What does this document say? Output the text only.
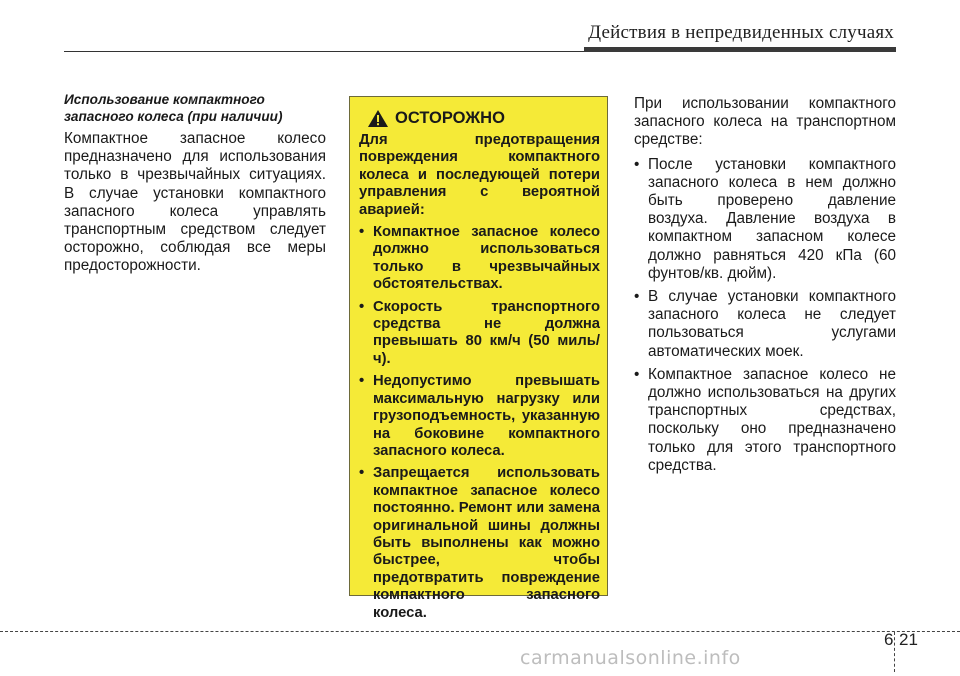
Действия в непредвиденных случаях

Использование компактного запасного колеса (при наличии)

Компактное запасное колесо предназначено для использования только в чрезвычайных ситуациях. В случае установки компактного запасного колеса управлять транспортным средством следует осторожно, соблюдая все меры предосторожности.

ОСТОРОЖНО

Для предотвращения повреждения компактного колеса и последующей потери управления с вероятной аварией:

• Компактное запасное колесо должно использоваться только в чрезвычайных обстоятельствах.
• Скорость транспортного средства не должна превышать 80 км/ч (50 миль/ч).
• Недопустимо превышать максимальную нагрузку или грузоподъемность, указанную на боковине компактного запасного колеса.
• Запрещается использовать компактное запасное колесо постоянно. Ремонт или замена оригинальной шины должны быть выполнены как можно быстрее, чтобы предотвратить повреждение компактного запасного колеса.

При использовании компактного запасного колеса на транспортном средстве:

• После установки компактного запасного колеса в нем должно быть проверено давление воздуха. Давление воздуха в компактном запасном колесе должно равняться 420 кПа (60 фунтов/кв. дюйм).
• В случае установки компактного запасного колеса не следует пользоваться услугами автоматических моек.
• Компактное запасное колесо не должно использоваться на других транспортных средствах, поскольку оно предназначено только для этого транспортного средства.
6 21
carmanualsonline.info
